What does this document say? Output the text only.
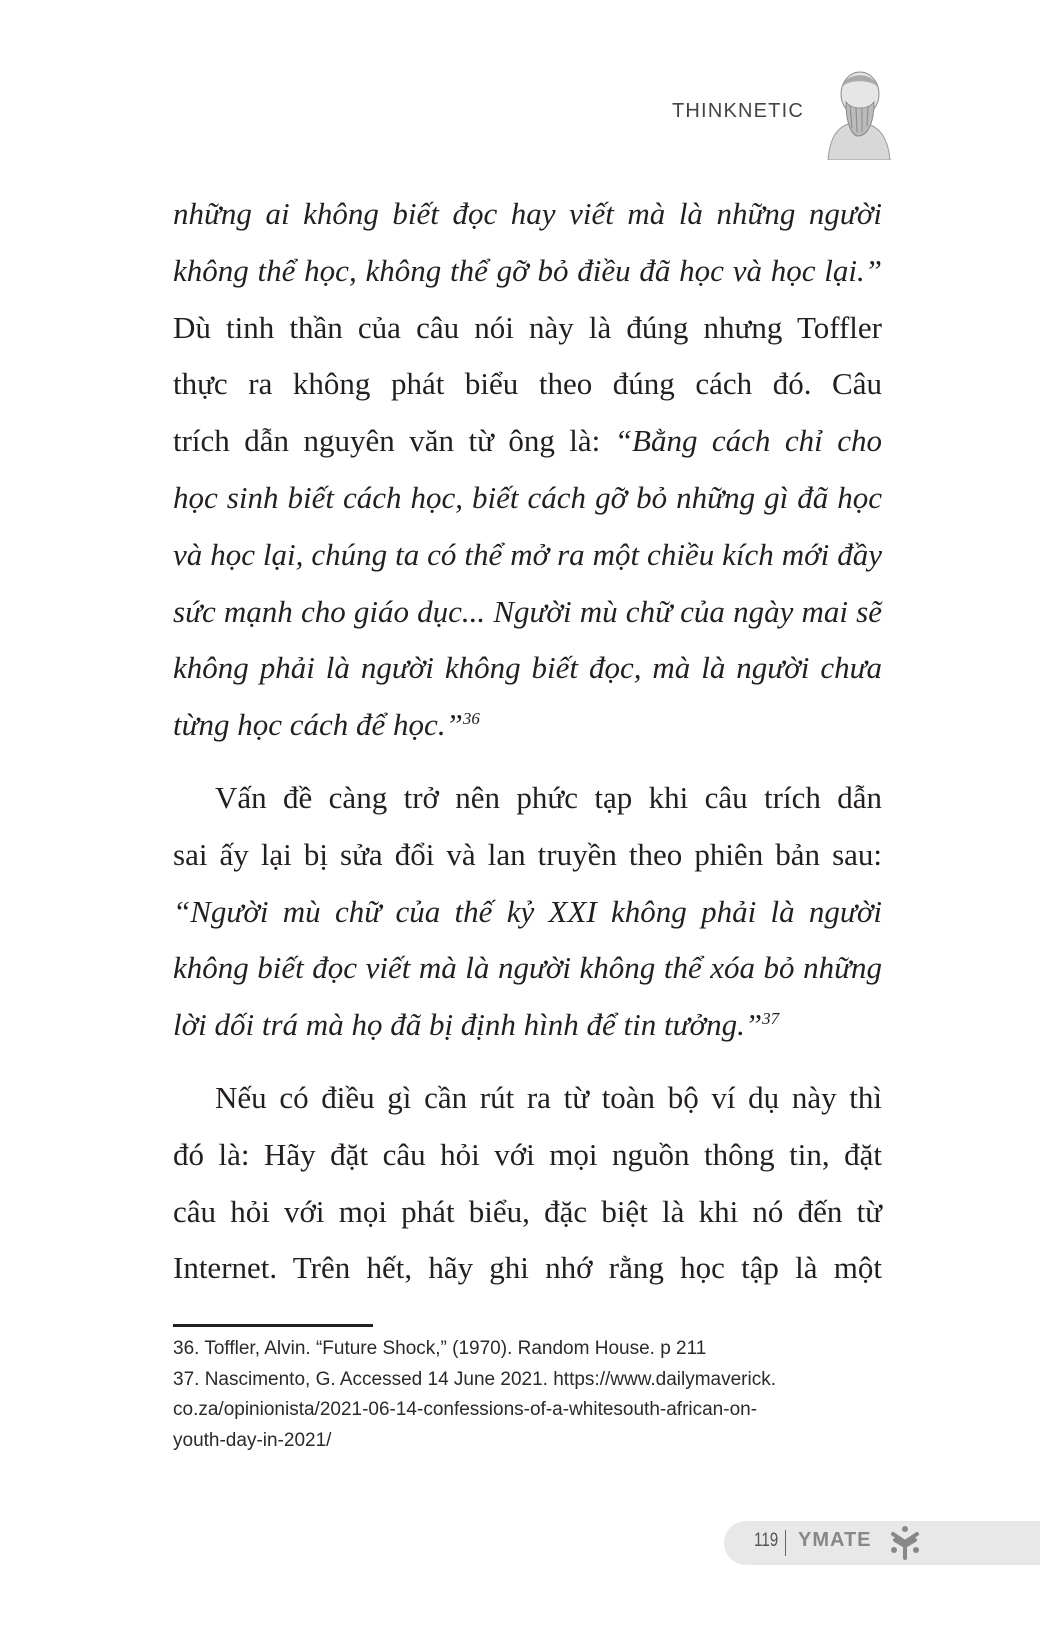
THINKNETIC
những ai không biết đọc hay viết mà là những người
không thể học, không thể gỡ bỏ điều đã học và học lại.”
Dù tinh thần của câu nói này là đúng nhưng Toffler
thực ra không phát biểu theo đúng cách đó. Câu
trích dẫn nguyên văn từ ông là: “Bằng cách chỉ cho
học sinh biết cách học, biết cách gỡ bỏ những gì đã học
và học lại, chúng ta có thể mở ra một chiều kích mới đầy
sức mạnh cho giáo dục... Người mù chữ của ngày mai sẽ
không phải là người không biết đọc, mà là người chưa
từng học cách để học.”$^{36}$
Vấn đề càng trở nên phức tạp khi câu trích dẫn
sai ấy lại bị sửa đổi và lan truyền theo phiên bản sau:
“Người mù chữ của thế kỷ XXI không phải là người
không biết đọc viết mà là người không thể xóa bỏ những
lời dối trá mà họ đã bị định hình để tin tưởng.”$^{37}$
Nếu có điều gì cần rút ra từ toàn bộ ví dụ này thì
đó là: Hãy đặt câu hỏi với mọi nguồn thông tin, đặt
câu hỏi với mọi phát biểu, đặc biệt là khi nó đến từ
Internet. Trên hết, hãy ghi nhớ rằng học tập là một
36. Toffler, Alvin. “Future Shock,” (1970). Random House. p 211
37. Nascimento, G. Accessed 14 June 2021. https://www.dailymaverick.
co.za/opinionista/2021-06-14-confessions-of-a-whitesouth-african-on-
youth-day-in-2021/
119 YMATE
